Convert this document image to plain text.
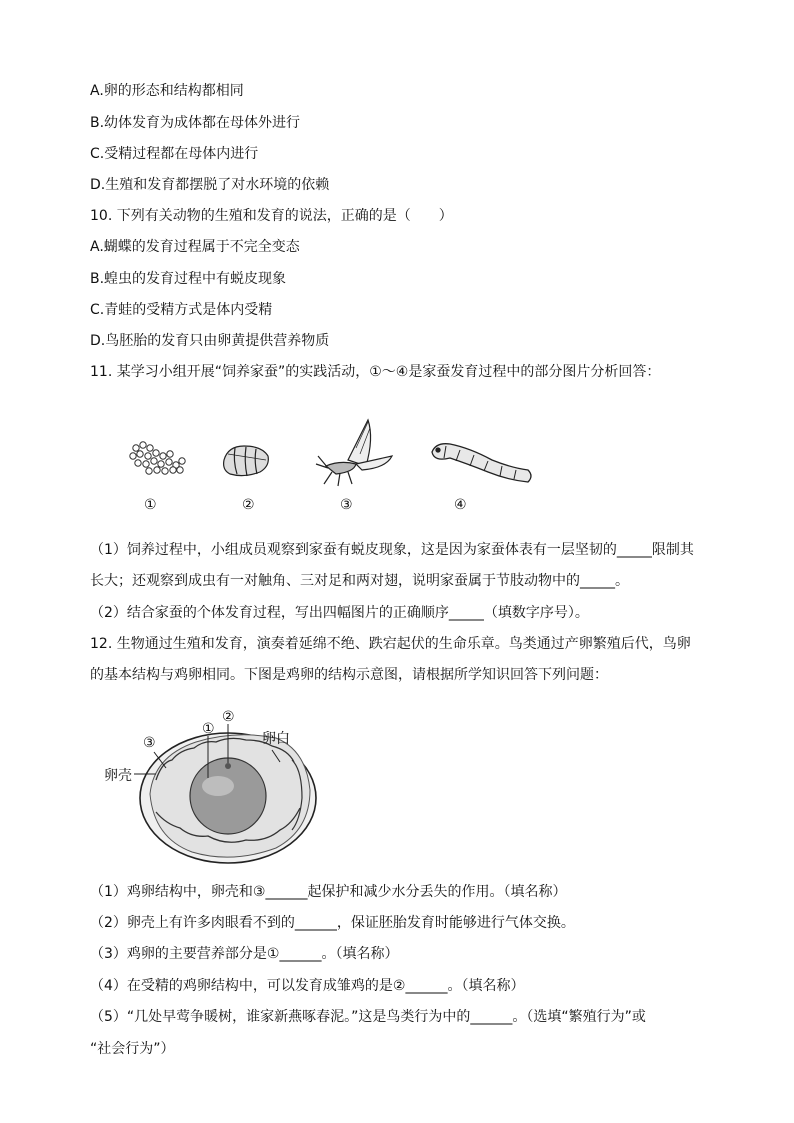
A.卵的形态和结构都相同
B.幼体发育为成体都在母体外进行
C.受精过程都在母体内进行
D.生殖和发育都摆脱了对水环境的依赖
10. 下列有关动物的生殖和发育的说法，正确的是（　　）
A.蝴蝶的发育过程属于不完全变态
B.蝗虫的发育过程中有蜕皮现象
C.青蛙的受精方式是体内受精
D.鸟胚胎的发育只由卵黄提供营养物质
11. 某学习小组开展“饲养家蚕”的实践活动，①～④是家蚕发育过程中的部分图片分析回答：
①	②	③	④
（1）饲养过程中，小组成员观察到家蚕有蜕皮现象，这是因为家蚕体表有一层坚韧的_____限制其
长大；还观察到成虫有一对触角、三对足和两对翅，说明家蚕属于节肢动物中的_____。
（2）结合家蚕的个体发育过程，写出四幅图片的正确顺序_____（填数字序号）。
12. 生物通过生殖和发育，演奏着延绵不绝、跌宕起伏的生命乐章。鸟类通过产卵繁殖后代，鸟卵
的基本结构与鸡卵相同。下图是鸡卵的结构示意图，请根据所学知识回答下列问题：
①
②
③	卵白
卵壳
（1）鸡卵结构中，卵壳和③______起保护和减少水分丢失的作用。（填名称）
（2）卵壳上有许多肉眼看不到的______，保证胚胎发育时能够进行气体交换。
（3）鸡卵的主要营养部分是①______。（填名称）
（4）在受精的鸡卵结构中，可以发育成雏鸡的是②______。（填名称）
（5）“几处早莺争暖树，谁家新燕啄春泥。”这是鸟类行为中的______。（选填“繁殖行为”或
“社会行为”）
